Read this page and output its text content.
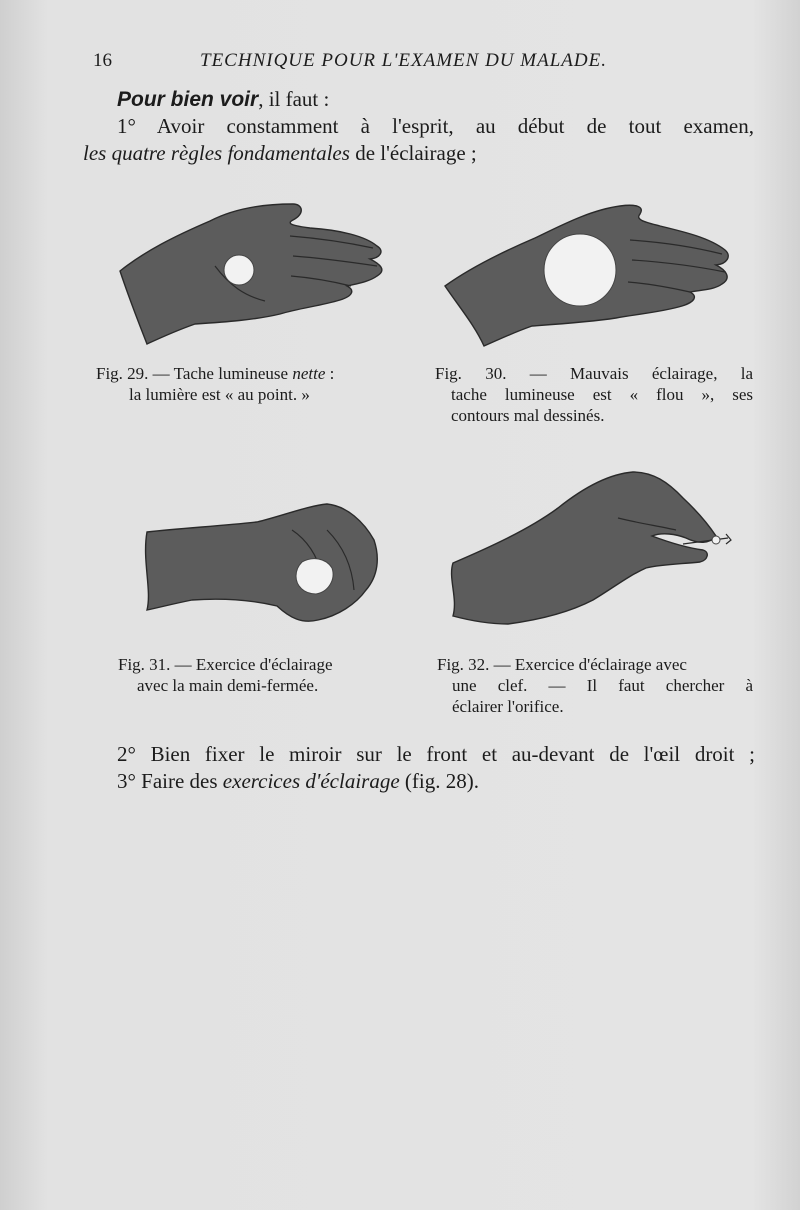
16	TECHNIQUE POUR L'EXAMEN DU MALADE.

Pour bien voir, il faut :

1° Avoir constamment à l'esprit, au début de tout examen,

les quatre règles fondamentales de l'éclairage ;

Fig. 29. — Tache lumineuse nette :

la lumière est « au point. »

Fig. 30. — Mauvais éclairage, la

tache lumineuse est « flou », ses

contours mal dessinés.

Fig. 31. — Exercice d'éclairage

avec la main demi-fermée.

Fig. 32. — Exercice d'éclairage avec

une clef. — Il faut chercher à

éclairer l'orifice.

2° Bien fixer le miroir sur le front et au-devant de l'œil droit ;

3° Faire des exercices d'éclairage (fig. 28).
